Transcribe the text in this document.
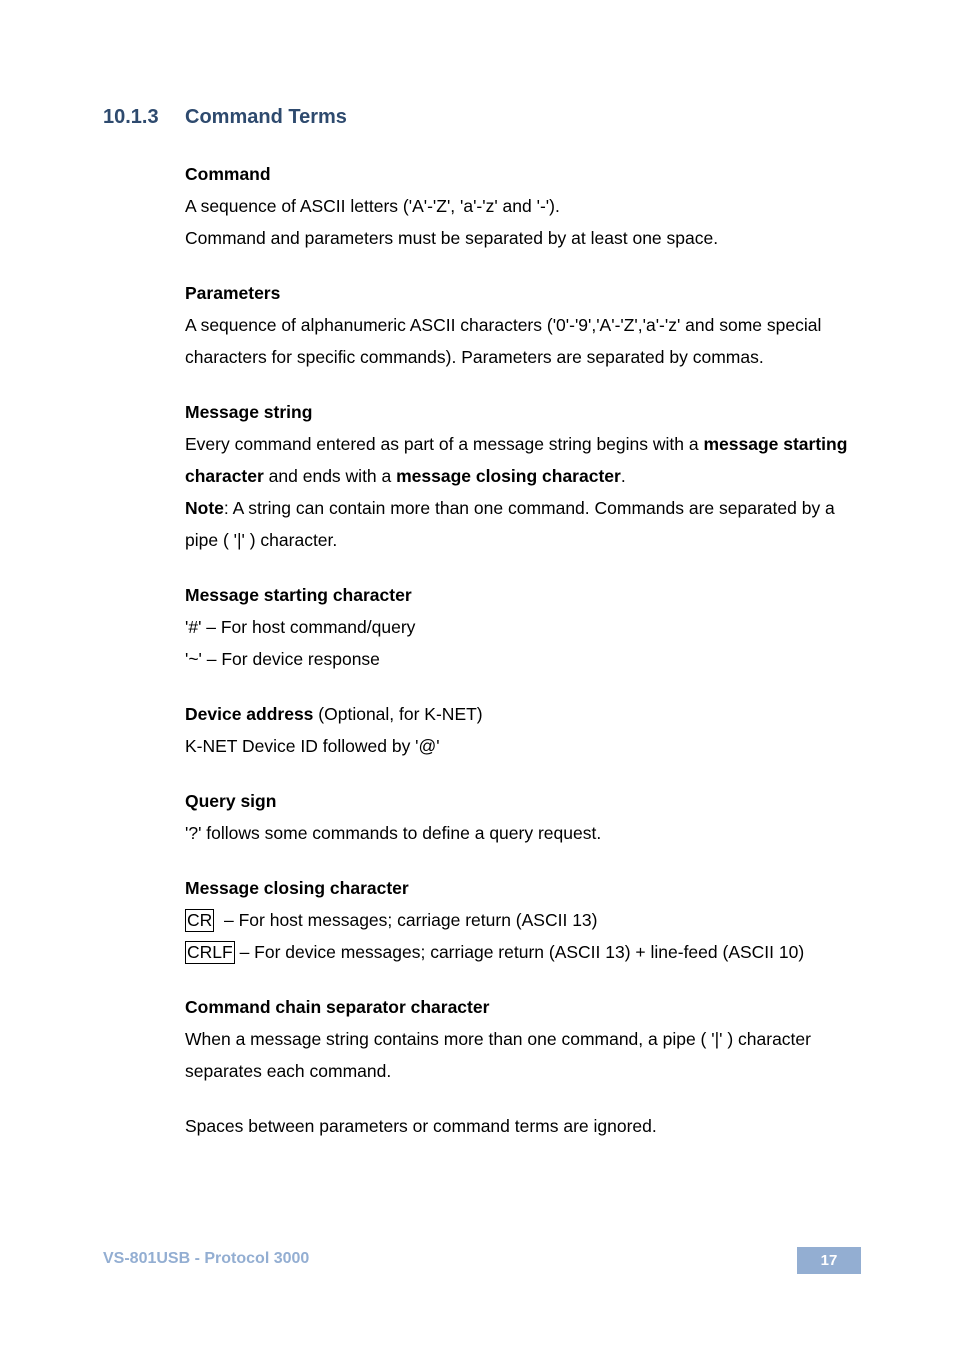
10.1.3 Command Terms

Command

A sequence of ASCII letters ('A'-'Z', 'a'-'z' and '-').

Command and parameters must be separated by at least one space.

Parameters

A sequence of alphanumeric ASCII characters ('0'-'9','A'-'Z','a'-'z' and some special characters for specific commands). Parameters are separated by commas.

Message string

Every command entered as part of a message string begins with a message starting character and ends with a message closing character.

Note: A string can contain more than one command. Commands are separated by a pipe ( '|' ) character.

Message starting character

'#' – For host command/query

'~' – For device response

Device address (Optional, for K-NET)

K-NET Device ID followed by '@'

Query sign

'?' follows some commands to define a query request.

Message closing character

CR  – For host messages; carriage return (ASCII 13)

CRLF – For device messages; carriage return (ASCII 13) + line-feed (ASCII 10)

Command chain separator character

When a message string contains more than one command, a pipe ( '|' ) character separates each command.

Spaces between parameters or command terms are ignored.

VS-801USB - Protocol 3000	17
